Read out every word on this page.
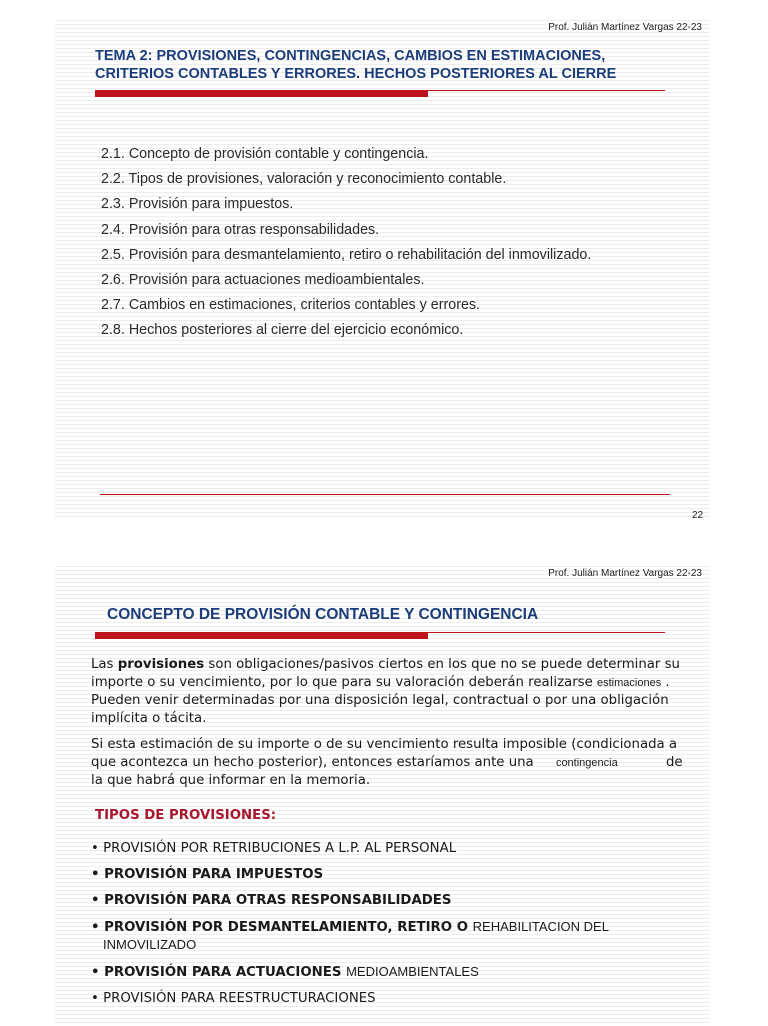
Prof. Julián Martínez Vargas 22-23
TEMA 2: PROVISIONES, CONTINGENCIAS, CAMBIOS EN ESTIMACIONES,
CRITERIOS CONTABLES Y ERRORES. HECHOS POSTERIORES AL CIERRE
2.1. Concepto de provisión contable y contingencia.
2.2. Tipos de provisiones, valoración y reconocimiento contable.
2.3. Provisión para impuestos.
2.4. Provisión para otras responsabilidades.
2.5. Provisión para desmantelamiento, retiro o rehabilitación del inmovilizado.
2.6. Provisión para actuaciones medioambientales.
2.7. Cambios en estimaciones, criterios contables y errores.
2.8. Hechos posteriores al cierre del ejercicio económico.
22
Prof. Julián Martínez Vargas 22-23
CONCEPTO DE PROVISIÓN CONTABLE Y CONTINGENCIA
Las provisiones son obligaciones/pasivos ciertos en los que no se puede determinar su importe o su vencimiento, por lo que para su valoración deberán realizarse estimaciones . Pueden venir determinadas por una disposición legal, contractual o por una obligación implícita o tácita.
Si esta estimación de su importe o de su vencimiento resulta imposible (condicionada a que acontezca un hecho posterior), entonces estaríamos ante una contingencia	de la que habrá que informar en la memoria.
TIPOS DE PROVISIONES:
• PROVISIÓN POR RETRIBUCIONES A L.P. AL PERSONAL
• PROVISIÓN PARA IMPUESTOS
• PROVISIÓN PARA OTRAS RESPONSABILIDADES
• PROVISIÓN POR DESMANTELAMIENTO, RETIRO O REHABILITACION DEL
INMOVILIZADO
• PROVISIÓN PARA ACTUACIONES MEDIOAMBIENTALES
• PROVISIÓN PARA REESTRUCTURACIONES
